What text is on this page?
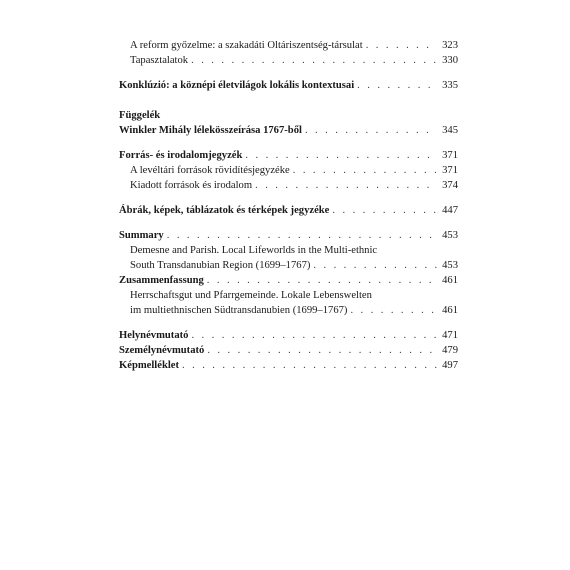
A reform győzelme: a szakadáti Oltáriszentség-társulat . . .	323
Tapasztalatok . . .	330
Konklúzió: a köznépi életvilágok lokális kontextusai . . .	335
Függelék
Winkler Mihály lélekösszeírása 1767-ből . . .	345
Forrás- és irodalomjegyzék . . .	371
A levéltári források rövidítésjegyzéke . . .	371
Kiadott források és irodalom . . .	374
Ábrák, képek, táblázatok és térképek jegyzéke . . .	447
Summary . . .	453
Demesne and Parish. Local Lifeworlds in the Multi-ethnic
South Transdanubian Region (1699–1767) . . .	453
Zusammenfassung . . .	461
Herrschaftsgut und Pfarrgemeinde. Lokale Lebenswelten
im multiethnischen Südtransdanubien (1699–1767) . . .	461
Helynévmutató . . .	471
Személynévmutató . . .	479
Képmelléklet . . .	497
